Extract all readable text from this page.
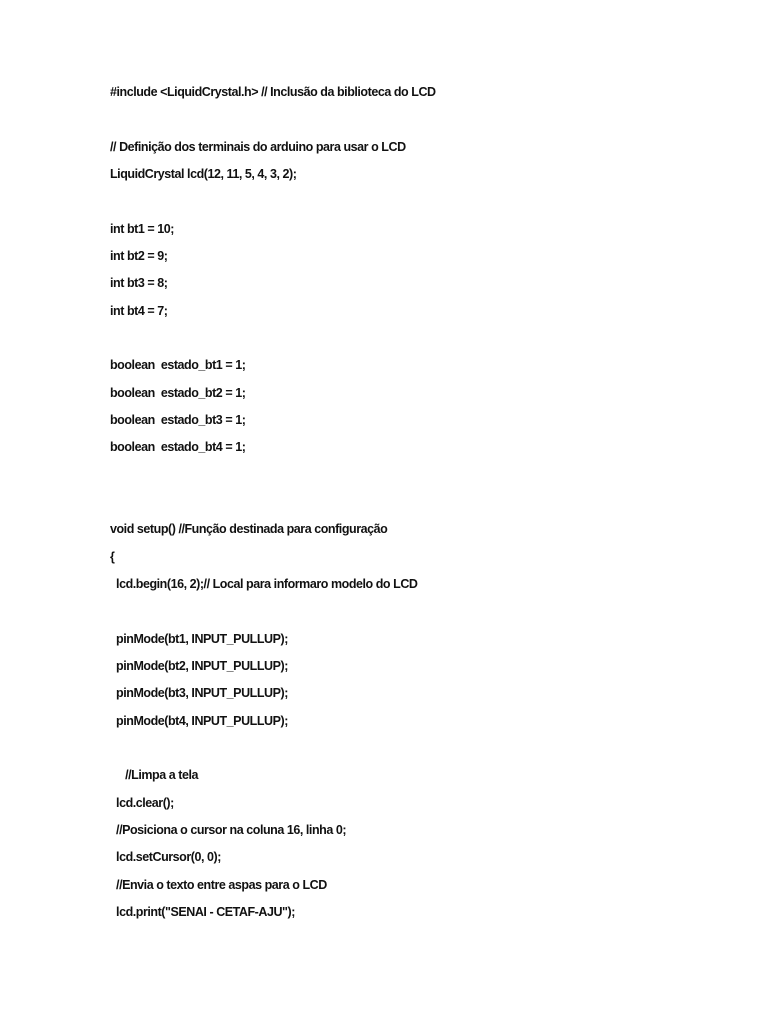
#include <LiquidCrystal.h> // Inclusão da biblioteca do LCD
// Definição dos terminais do arduino para usar o LCD
LiquidCrystal lcd(12, 11, 5, 4, 3, 2);
int bt1 = 10;
int bt2 = 9;
int bt3 = 8;
int bt4 = 7;
boolean  estado_bt1 = 1;
boolean  estado_bt2 = 1;
boolean  estado_bt3 = 1;
boolean  estado_bt4 = 1;
void setup() //Função destinada para configuração
{
lcd.begin(16, 2);// Local para informaro modelo do LCD
pinMode(bt1, INPUT_PULLUP);
pinMode(bt2, INPUT_PULLUP);
pinMode(bt3, INPUT_PULLUP);
pinMode(bt4, INPUT_PULLUP);
//Limpa a tela
lcd.clear();
//Posiciona o cursor na coluna 16, linha 0;
lcd.setCursor(0, 0);
//Envia o texto entre aspas para o LCD
lcd.print("SENAI - CETAF-AJU");
